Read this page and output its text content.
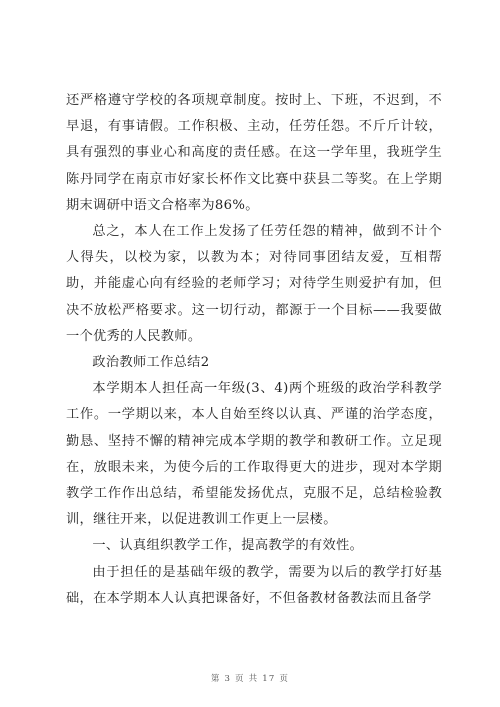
还严格遵守学校的各项规章制度。按时上、下班，不迟到，不早退，有事请假。工作积极、主动，任劳任怨。不斤斤计较，具有强烈的事业心和高度的责任感。在这一学年里，我班学生陈丹同学在南京市好家长杯作文比赛中获县二等奖。在上学期期末调研中语文合格率为86%。

总之，本人在工作上发扬了任劳任怨的精神，做到不计个人得失，以校为家，以教为本；对待同事团结友爱，互相帮助，并能虚心向有经验的老师学习；对待学生则爱护有加，但决不放松严格要求。这一切行动，都源于一个目标——我要做一个优秀的人民教师。

政治教师工作总结2

本学期本人担任高一年级(3、4)两个班级的政治学科教学工作。一学期以来，本人自始至终以认真、严谨的治学态度，勤恳、坚持不懈的精神完成本学期的教学和教研工作。立足现在，放眼未来，为使今后的工作取得更大的进步，现对本学期教学工作作出总结，希望能发扬优点，克服不足，总结检验教训，继往开来，以促进教训工作更上一层楼。

一、认真组织教学工作，提高教学的有效性。

由于担任的是基础年级的教学，需要为以后的教学打好基础，在本学期本人认真把课备好，不但备教材备教法而且备学

第 3 页 共 17 页
